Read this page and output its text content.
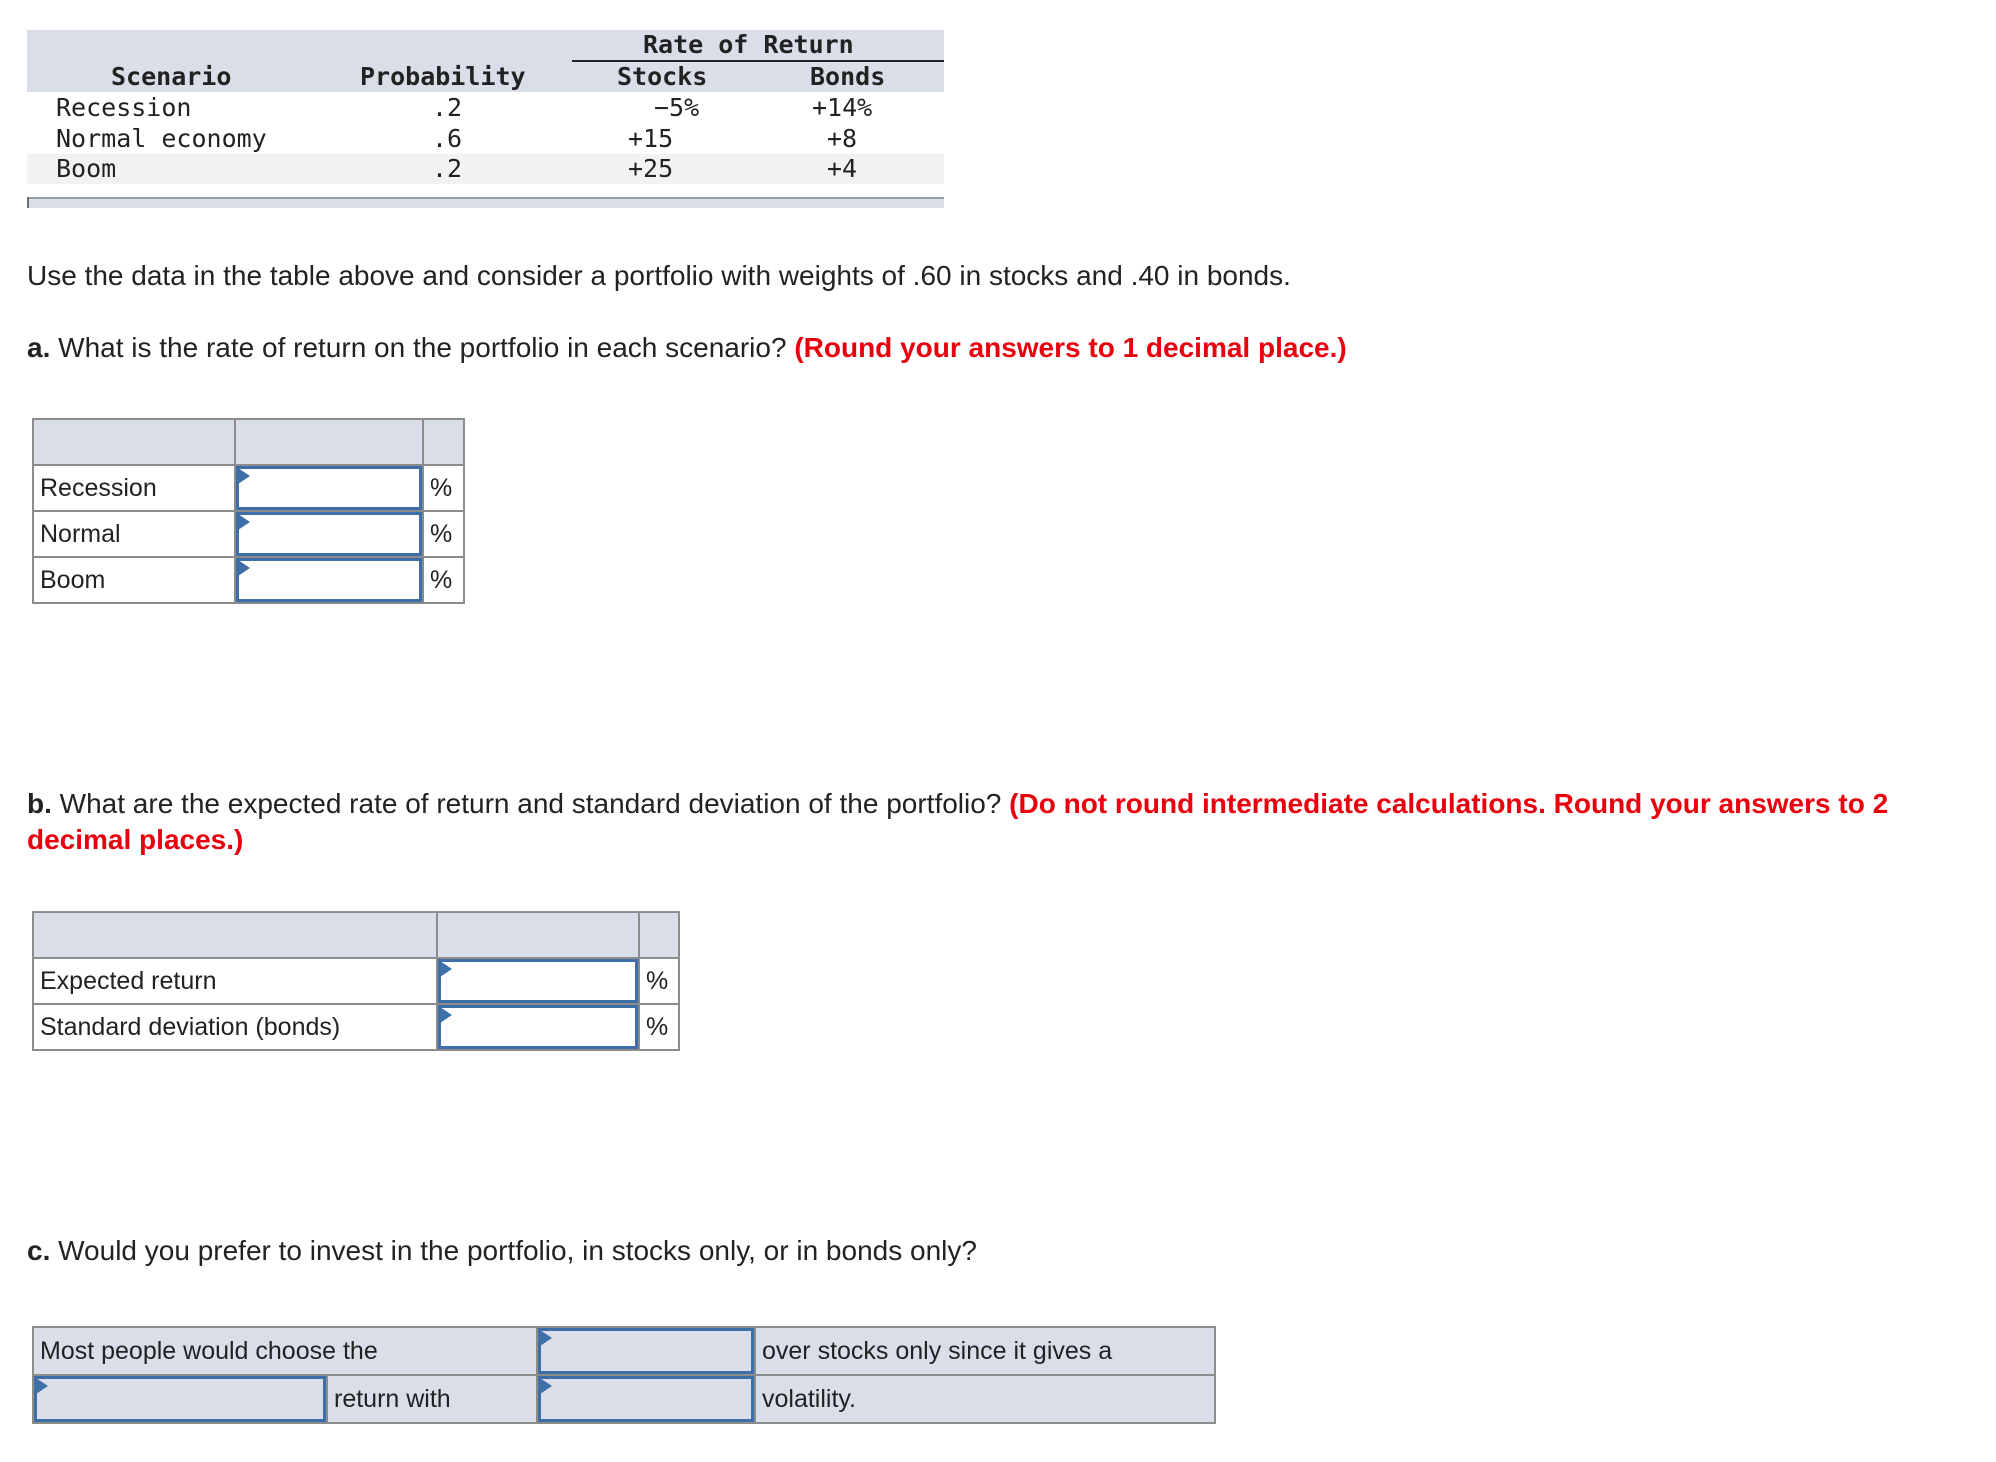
Rate of Return
Scenario	Probability	Stocks	Bonds
Recession	.2	−5%	+14%
Normal economy	.6	+15	+8
Boom	.2	+25	+4
Use the data in the table above and consider a portfolio with weights of .60 in stocks and .40 in bonds.
a. What is the rate of return on the portfolio in each scenario? (Round your answers to 1 decimal place.)

Recession		%
Normal		%
Boom		%
b. What are the expected rate of return and standard deviation of the portfolio? (Do not round intermediate calculations. Round your answers to 2 decimal places.)

Expected return		%
Standard deviation (bonds)		%
c. Would you prefer to invest in the portfolio, in stocks only, or in bonds only?
Most people would choose the			over stocks only since it gives a

	return with		volatility.
